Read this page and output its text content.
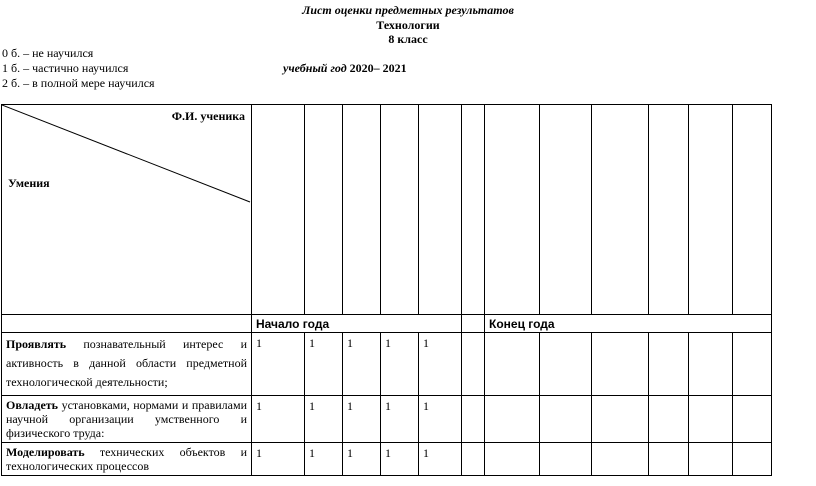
Лист оценки предметных результатов
Технологии
8 класс
0 б. – не научился
1 б. – частично научился
2 б. – в полной мере научился
учебный год 2020– 2021
Ф.И. ученика
Умения												

	Начало года						Конец года					
Проявлять познавательный интерес и активность в данной области предметной технологической деятельности;	1	1	1	1	1							
Овладеть установками, нормами и правилами научной организации умственного и физического труда:	1	1	1	1	1							
Моделировать технических объектов и технологических процессов	1	1	1	1	1							
